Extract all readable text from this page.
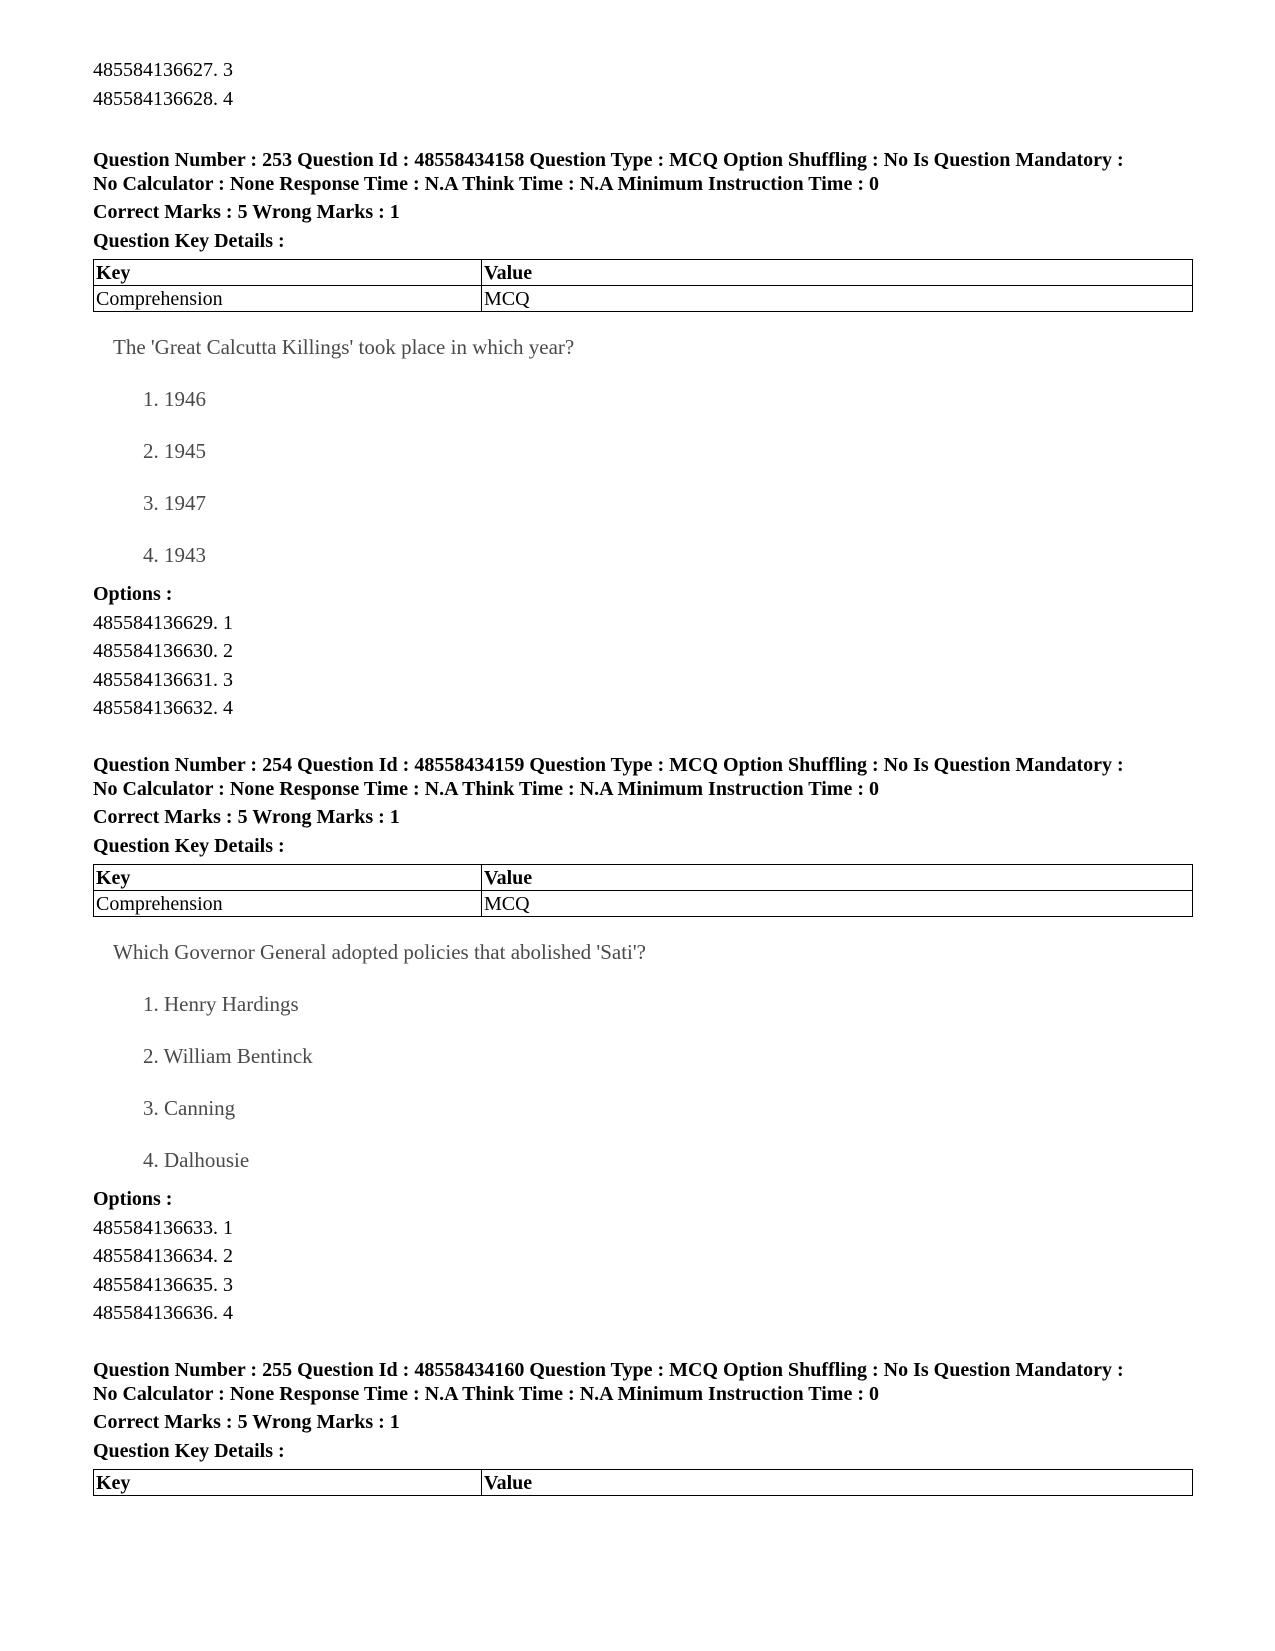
485584136627. 3
485584136628. 4
Question Number : 253 Question Id : 48558434158 Question Type : MCQ Option Shuffling : No Is Question Mandatory :
No Calculator : None Response Time : N.A Think Time : N.A Minimum Instruction Time : 0
Correct Marks : 5 Wrong Marks : 1
Question Key Details :
Key	Value
Comprehension	MCQ
The 'Great Calcutta Killings' took place in which year?
1. 1946
2. 1945
3. 1947
4. 1943
Options :
485584136629. 1
485584136630. 2
485584136631. 3
485584136632. 4
Question Number : 254 Question Id : 48558434159 Question Type : MCQ Option Shuffling : No Is Question Mandatory :
No Calculator : None Response Time : N.A Think Time : N.A Minimum Instruction Time : 0
Correct Marks : 5 Wrong Marks : 1
Question Key Details :
Key	Value
Comprehension	MCQ
Which Governor General adopted policies that abolished 'Sati'?
1. Henry Hardings
2. William Bentinck
3. Canning
4. Dalhousie
Options :
485584136633. 1
485584136634. 2
485584136635. 3
485584136636. 4
Question Number : 255 Question Id : 48558434160 Question Type : MCQ Option Shuffling : No Is Question Mandatory :
No Calculator : None Response Time : N.A Think Time : N.A Minimum Instruction Time : 0
Correct Marks : 5 Wrong Marks : 1
Question Key Details :
Key	Value
